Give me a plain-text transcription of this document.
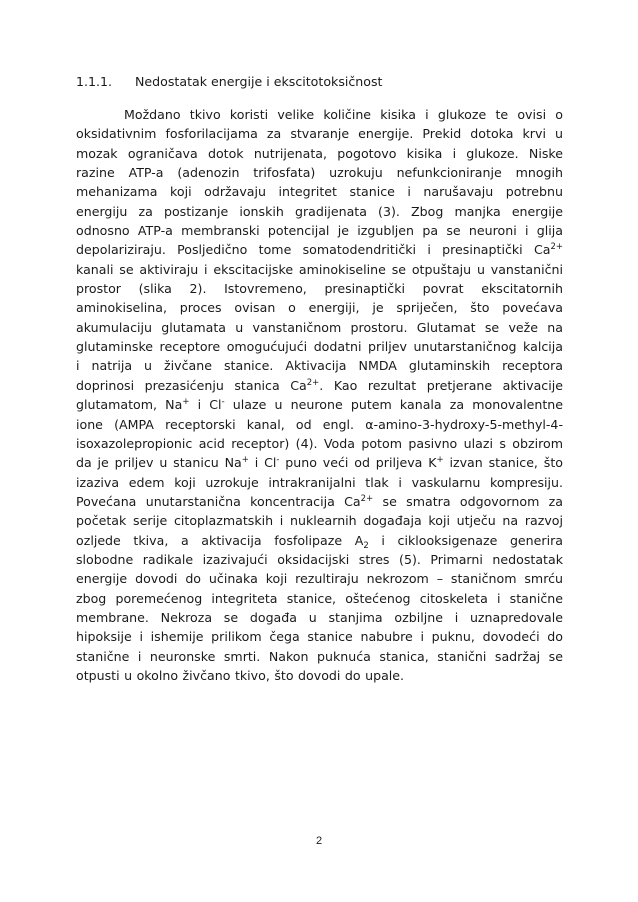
1.1.1. Nedostatak energije i ekscitotoksičnost
Moždano tkivo koristi velike količine kisika i glukoze te ovisi o
oksidativnim fosforilacijama za stvaranje energije. Prekid dotoka krvi u
mozak ograničava dotok nutrijenata, pogotovo kisika i glukoze. Niske
razine ATP-a (adenozin trifosfata) uzrokuju nefunkcioniranje mnogih
mehanizama koji održavaju integritet stanice i narušavaju potrebnu
energiju za postizanje ionskih gradijenata (3). Zbog manjka energije
odnosno ATP-a membranski potencijal je izgubljen pa se neuroni i glija
depolariziraju. Posljedično tome somatodendritički i presinaptički $Ca^{2+}$
kanali se aktiviraju i ekscitacijske aminokiseline se otpuštaju u vanstanični
prostor (slika 2). Istovremeno, presinaptički povrat ekscitatornih
aminokiselina, proces ovisan o energiji, je spriječen, što povećava
akumulaciju glutamata u vanstaničnom prostoru. Glutamat se veže na
glutaminske receptore omogućujući dodatni priljev unutarstaničnog kalcija
i natrija u živčane stanice. Aktivacija NMDA glutaminskih receptora
doprinosi prezasićenju stanica $Ca^{2+}$. Kao rezultat pretjerane aktivacije
glutamatom, Na+ i Cl- ulaze u neurone putem kanala za monovalentne
ione (AMPA receptorski kanal, od engl. α-amino-3-hydroxy-5-methyl-4-
isoxazolepropionic acid receptor) (4). Voda potom pasivno ulazi s obzirom
da je priljev u stanicu Na+ i Cl- puno veći od priljeva K+ izvan stanice, što
izaziva edem koji uzrokuje intrakranijalni tlak i vaskularnu kompresiju.
Povećana unutarstanična koncentracija $Ca^{2+}$ se smatra odgovornom za
početak serije citoplazmatskih i nuklearnih događaja koji utječu na razvoj
ozljede tkiva, a aktivacija fosfolipaze $A_2$ i ciklooksigenaze generira
slobodne radikale izazivajući oksidacijski stres (5). Primarni nedostatak
energije dovodi do učinaka koji rezultiraju nekrozom – staničnom smrću
zbog poremećenog integriteta stanice, oštećenog citoskeleta i stanične
membrane. Nekroza se događa u stanjima ozbiljne i uznapredovale
hipoksije i ishemije prilikom čega stanice nabubre i puknu, dovodeći do
stanične i neuronske smrti. Nakon puknuća stanica, stanični sadržaj se
otpusti u okolno živčano tkivo, što dovodi do upale.
2
